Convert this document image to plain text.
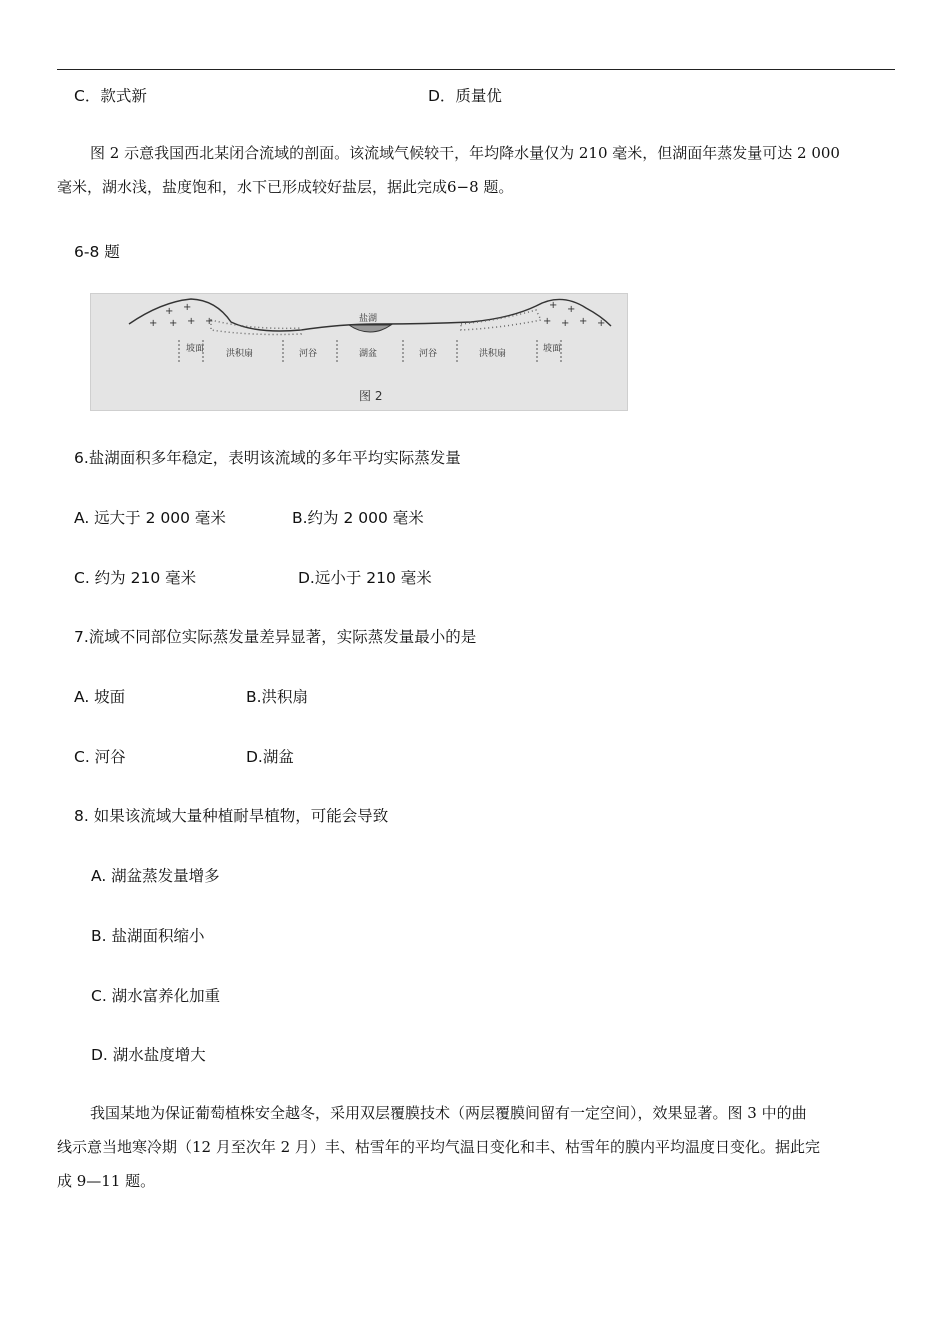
C．款式新	D．质量优
图 2 示意我国西北某闭合流域的剖面。该流域气候较干，年均降水量仅为 210 毫米，但湖面年蒸发量可达 2 000
毫米，湖水浅，盐度饱和，水下已形成较好盐层，据此完成6−8 题。
6-8 题
+ +
+ + + +
+ +
+ + + +
坡面 洪积扇	河谷	湖盆	河谷	洪积扇	坡面
盐湖
图 2
6.盐湖面积多年稳定，表明该流域的多年平均实际蒸发量
A. 远大于 2 000 毫米	B.约为 2 000 毫米
C. 约为 210 毫米	D.远小于 210 毫米
7.流域不同部位实际蒸发量差异显著，实际蒸发量最小的是
A. 坡面	B.洪积扇
C. 河谷	D.湖盆
8. 如果该流域大量种植耐旱植物，可能会导致
A. 湖盆蒸发量增多
B. 盐湖面积缩小
C. 湖水富养化加重
D. 湖水盐度增大
我国某地为保证葡萄植株安全越冬，采用双层覆膜技术（两层覆膜间留有一定空间），效果显著。图 3 中的曲
线示意当地寒冷期（12 月至次年 2 月）丰、枯雪年的平均气温日变化和丰、枯雪年的膜内平均温度日变化。据此完
成 9—11 题。
